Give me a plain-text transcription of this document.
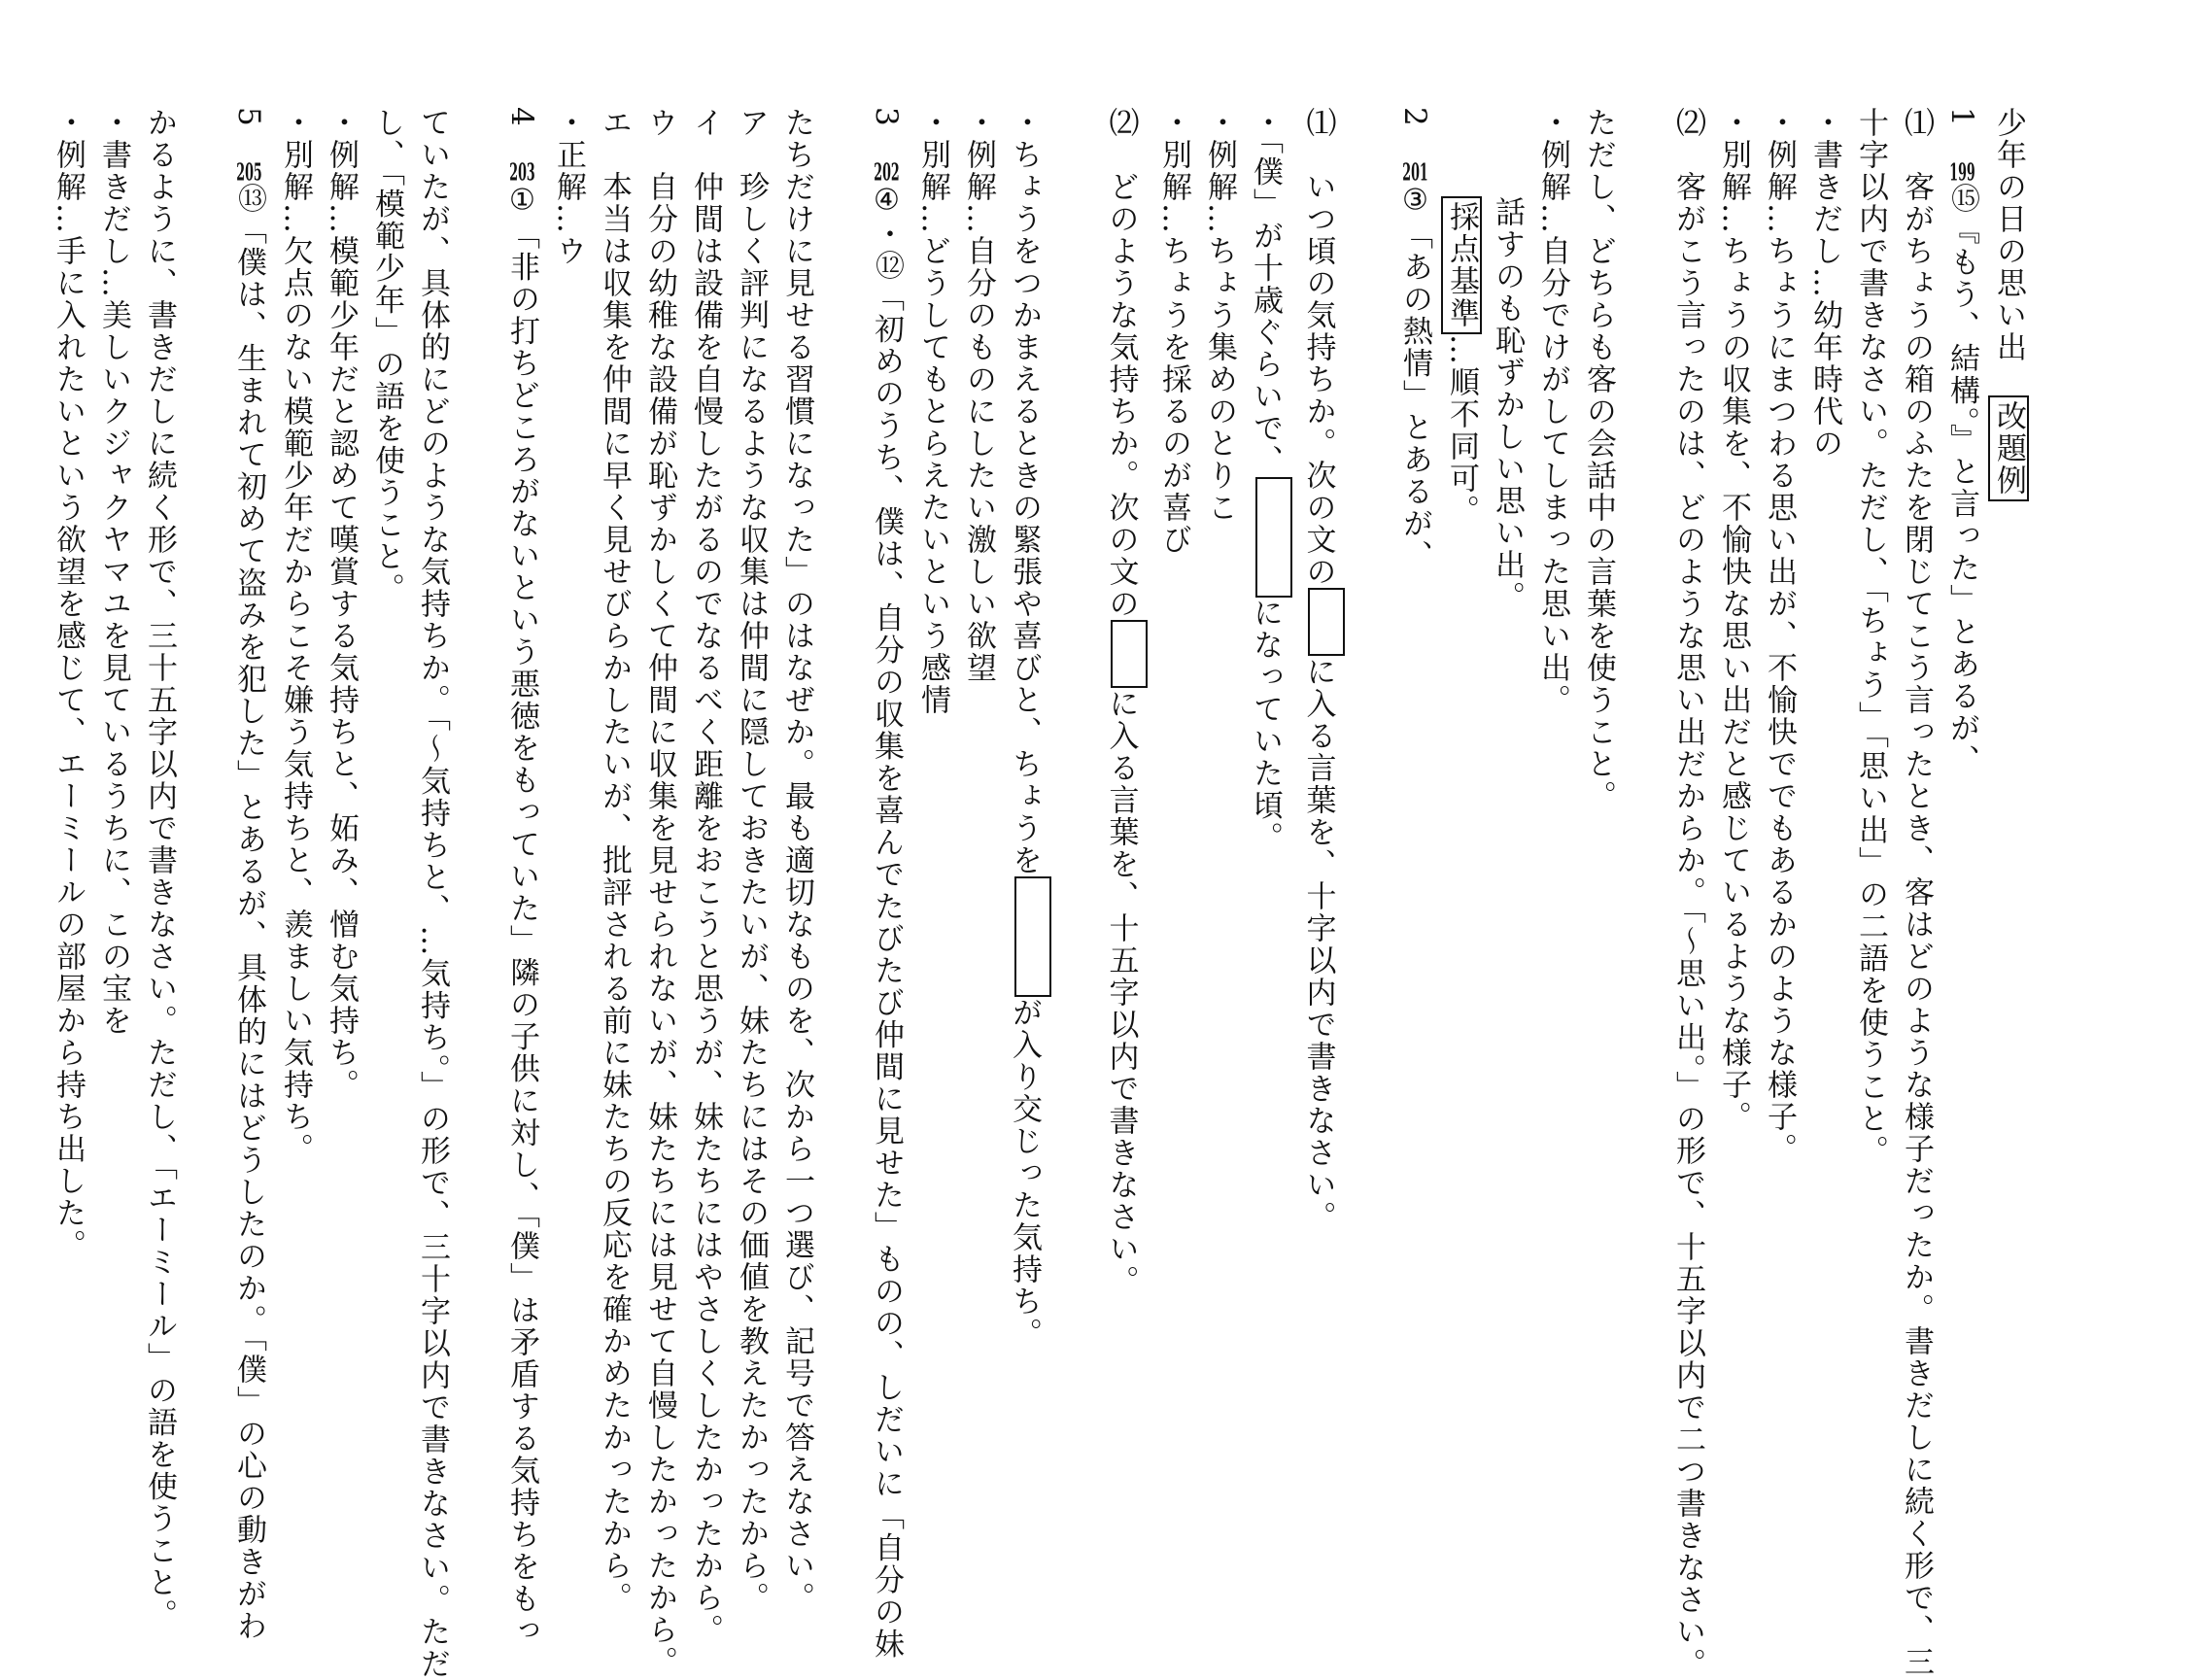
少年の日の思い出　改題例
1　199⑮『もう、結構。』と言った」とあるが、
⑴　客がちょうの箱のふたを閉じてこう言ったとき、客はどのような様子だったか。書きだしに続く形で、三
十字以内で書きなさい。ただし、「ちょう」「思い出」の二語を使うこと。
・書きだし…幼年時代の
・例解…ちょうにまつわる思い出が、不愉快ででもあるかのような様子。
・別解…ちょうの収集を、不愉快な思い出だと感じているような様子。
⑵　客がこう言ったのは、どのような思い出だからか。「〜思い出。」の形で、十五字以内で二つ書きなさい。
ただし、どちらも客の会話中の言葉を使うこと。
・例解…自分でけがしてしまった思い出。
話すのも恥ずかしい思い出。
採点基準…順不同可。
2　201③「あの熱情」とあるが、
⑴　いつ頃の気持ちか。次の文のに入る言葉を、十字以内で書きなさい。
・「僕」が十歳ぐらいで、になっていた頃。
・例解…ちょう集めのとりこ
・別解…ちょうを採るのが喜び
⑵　どのような気持ちか。次の文のに入る言葉を、十五字以内で書きなさい。
・ちょうをつかまえるときの緊張や喜びと、ちょうをが入り交じった気持ち。
・例解…自分のものにしたい激しい欲望
・別解…どうしてもとらえたいという感情
3　202④・⑫「初めのうち、僕は、自分の収集を喜んでたびたび仲間に見せた」ものの、しだいに「自分の妹
たちだけに見せる習慣になった」のはなぜか。最も適切なものを、次から一つ選び、記号で答えなさい。
ア　珍しく評判になるような収集は仲間に隠しておきたいが、妹たちにはその価値を教えたかったから。
イ　仲間は設備を自慢したがるのでなるべく距離をおこうと思うが、妹たちにはやさしくしたかったから。
ウ　自分の幼稚な設備が恥ずかしくて仲間に収集を見せられないが、妹たちには見せて自慢したかったから。
エ　本当は収集を仲間に早く見せびらかしたいが、批評される前に妹たちの反応を確かめたかったから。
・正解…ウ
4　203①「非の打ちどころがないという悪徳をもっていた」隣の子供に対し、「僕」は矛盾する気持ちをもっ
ていたが、具体的にどのような気持ちか。「〜気持ちと、…気持ち。」の形で、三十字以内で書きなさい。ただ
し、「模範少年」の語を使うこと。
・例解…模範少年だと認めて嘆賞する気持ちと、妬み、憎む気持ち。
・別解…欠点のない模範少年だからこそ嫌う気持ちと、羨ましい気持ち。
5　205⑬「僕は、生まれて初めて盗みを犯した」とあるが、具体的にはどうしたのか。「僕」の心の動きがわ
かるように、書きだしに続く形で、三十五字以内で書きなさい。ただし、「エーミール」の語を使うこと。
・書きだし…美しいクジャクヤマユを見ているうちに、この宝を
・例解…手に入れたいという欲望を感じて、エーミールの部屋から持ち出した。
